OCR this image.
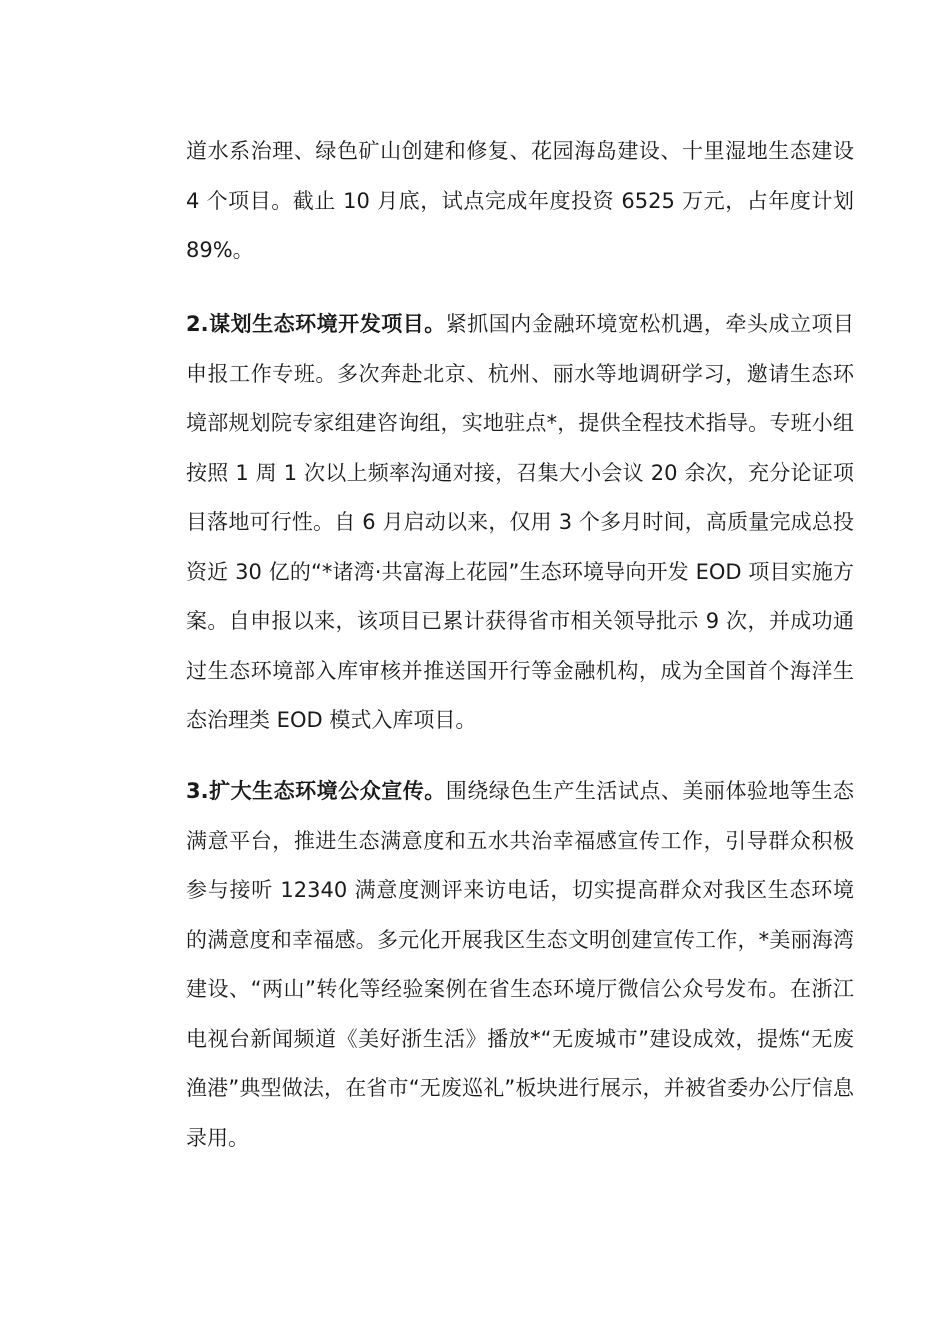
道水系治理、绿色矿山创建和修复、花园海岛建设、十里湿地生态建设 4 个项目。截止 10 月底，试点完成年度投资 6525 万元，占年度计划 89%。

2.谋划生态环境开发项目。紧抓国内金融环境宽松机遇，牵头成立项目申报工作专班。多次奔赴北京、杭州、丽水等地调研学习，邀请生态环境部规划院专家组建咨询组，实地驻点*，提供全程技术指导。专班小组按照 1 周 1 次以上频率沟通对接，召集大小会议 20 余次，充分论证项目落地可行性。自 6 月启动以来，仅用 3 个多月时间，高质量完成总投资近 30 亿的“*诸湾·共富海上花园”生态环境导向开发 EOD 项目实施方案。自申报以来，该项目已累计获得省市相关领导批示 9 次，并成功通过生态环境部入库审核并推送国开行等金融机构，成为全国首个海洋生态治理类 EOD 模式入库项目。

3.扩大生态环境公众宣传。围绕绿色生产生活试点、美丽体验地等生态满意平台，推进生态满意度和五水共治幸福感宣传工作，引导群众积极参与接听 12340 满意度测评来访电话，切实提高群众对我区生态环境的满意度和幸福感。多元化开展我区生态文明创建宣传工作，*美丽海湾建设、“两山”转化等经验案例在省生态环境厅微信公众号发布。在浙江电视台新闻频道《美好浙生活》播放*“无废城市”建设成效，提炼“无废渔港”典型做法，在省市“无废巡礼”板块进行展示，并被省委办公厅信息录用。
